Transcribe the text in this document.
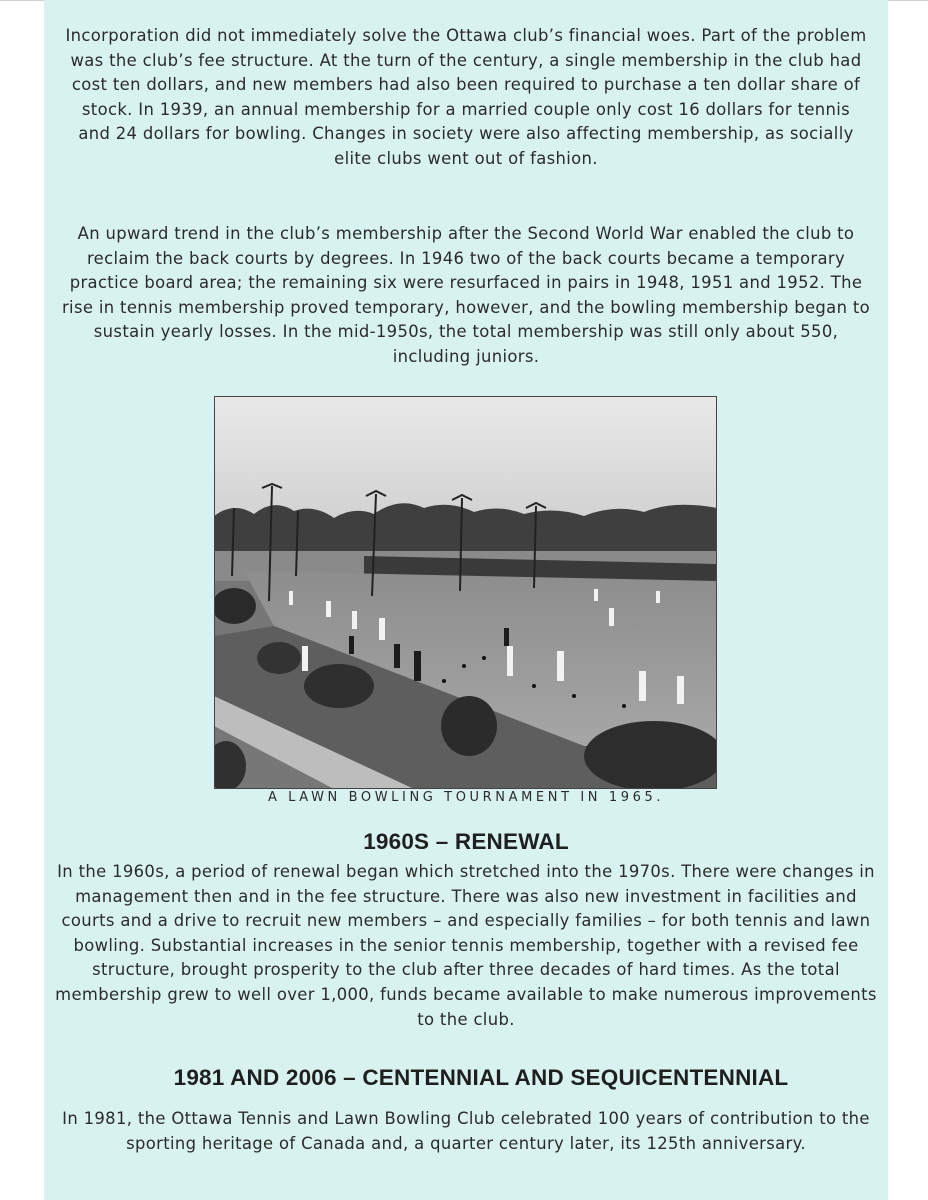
Incorporation did not immediately solve the Ottawa club’s financial woes. Part of the problem was the club’s fee structure. At the turn of the century, a single membership in the club had cost ten dollars, and new members had also been required to purchase a ten dollar share of stock. In 1939, an annual membership for a married couple only cost 16 dollars for tennis and 24 dollars for bowling. Changes in society were also affecting membership, as socially elite clubs went out of fashion.

An upward trend in the club’s membership after the Second World War enabled the club to reclaim the back courts by degrees. In 1946 two of the back courts became a temporary practice board area; the remaining six were resurfaced in pairs in 1948, 1951 and 1952. The rise in tennis membership proved temporary, however, and the bowling membership began to sustain yearly losses. In the mid-1950s, the total membership was still only about 550, including juniors.

A LAWN BOWLING TOURNAMENT IN 1965.
1960S – RENEWAL

In the 1960s, a period of renewal began which stretched into the 1970s. There were changes in management then and in the fee structure. There was also new investment in facilities and courts and a drive to recruit new members – and especially families – for both tennis and lawn bowling. Substantial increases in the senior tennis membership, together with a revised fee structure, brought prosperity to the club after three decades of hard times. As the total membership grew to well over 1,000, funds became available to make numerous improvements to the club.

1981 AND 2006 – CENTENNIAL AND SEQUICENTENNIAL

In 1981, the Ottawa Tennis and Lawn Bowling Club celebrated 100 years of contribution to the sporting heritage of Canada and, a quarter century later, its 125th anniversary.
